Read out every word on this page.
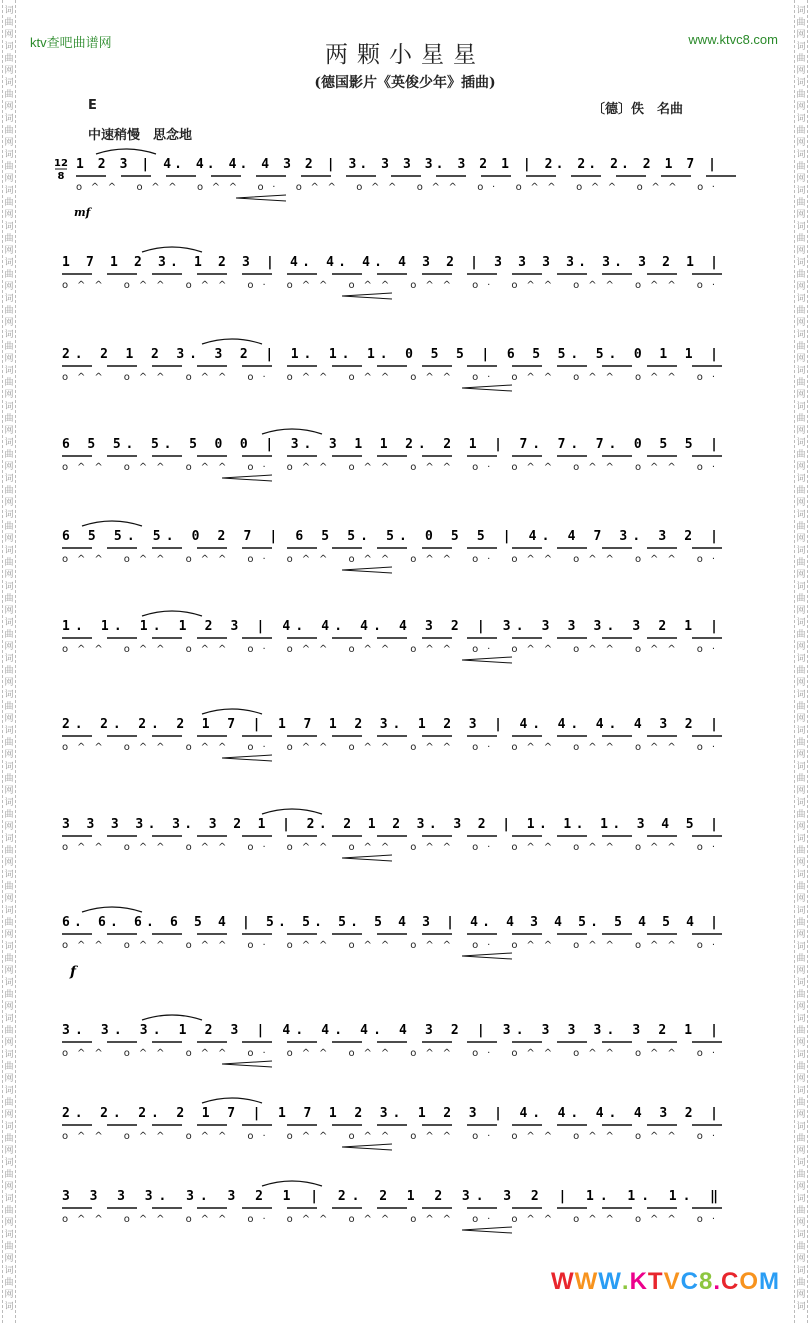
词
曲
网
词
曲
网
词
曲
网
词
曲
网
词
曲
网
词
曲
网
词
曲
网
词
曲
网
词
曲
网
词
曲
网
词
曲
网
词
曲
网
词
曲
网
词
曲
网
词
曲
网
词
曲
网
词
曲
网
词
曲
网
词
曲
网
词
曲
网
词
曲
网
词
曲
网
词
曲
网
词
曲
网
词
曲
网
词
曲
网
词
曲
网
词
曲
网
词
曲
网
词
曲
网
词
曲
网
词
曲
网
词
曲
网
词
曲
网
词
曲
网
词
曲
网
词
词
曲
网
词
曲
网
词
曲
网
词
曲
网
词
曲
网
词
曲
网
词
曲
网
词
曲
网
词
曲
网
词
曲
网
词
曲
网
词
曲
网
词
曲
网
词
曲
网
词
曲
网
词
曲
网
词
曲
网
词
曲
网
词
曲
网
词
曲
网
词
曲
网
词
曲
网
词
曲
网
词
曲
网
词
曲
网
词
曲
网
词
曲
网
词
曲
网
词
曲
网
词
曲
网
词
曲
网
词
曲
网
词
曲
网
词
曲
网
词
曲
网
词
曲
网
词
ktv查吧曲谱网	www.ktvc8.com
两颗小星星
(德国影片《英俊少年》插曲)
E
中速稍慢　思念地
〔德〕佚　名曲
12
8
mf
f
1 2 3 | 4. 4. 4. 4 3 2 | 3. 3 3 3. 3 2 1 | 2. 2. 2. 2 1 7 |
o^^ o^^ o^^ o· o^^ o^^ o^^ o· o^^ o^^ o^^ o·
1 7 1 2 3. 1 2 3 | 4. 4. 4. 4 3 2 | 3 3 3 3. 3. 3 2 1 |
o^^ o^^ o^^ o· o^^ o^^ o^^ o· o^^ o^^ o^^ o·
2. 2 1 2 3. 3 2 | 1. 1. 1. 0 5 5 | 6 5 5. 5. 0 1 1 |
o^^ o^^ o^^ o· o^^ o^^ o^^ o· o^^ o^^ o^^ o·
6 5 5. 5. 5 0 0 | 3. 3 1 1 2. 2 1 | 7. 7. 7. 0 5 5 |
o^^ o^^ o^^ o· o^^ o^^ o^^ o· o^^ o^^ o^^ o·
6 5 5. 5. 0 2 7 | 6 5 5. 5. 0 5 5 | 4. 4 7 3. 3 2 |
o^^ o^^ o^^ o· o^^ o^^ o^^ o· o^^ o^^ o^^ o·
1. 1. 1. 1 2 3 | 4. 4. 4. 4 3 2 | 3. 3 3 3. 3 2 1 |
o^^ o^^ o^^ o· o^^ o^^ o^^ o· o^^ o^^ o^^ o·
2. 2. 2. 2 1 7 | 1 7 1 2 3. 1 2 3 | 4. 4. 4. 4 3 2 |
o^^ o^^ o^^ o· o^^ o^^ o^^ o· o^^ o^^ o^^ o·
3 3 3 3. 3. 3 2 1 | 2. 2 1 2 3. 3 2 | 1. 1. 1. 3 4 5 |
o^^ o^^ o^^ o· o^^ o^^ o^^ o· o^^ o^^ o^^ o·
6. 6. 6. 6 5 4 | 5. 5. 5. 5 4 3 | 4. 4 3 4 5. 5 4 5 4 |
o^^ o^^ o^^ o· o^^ o^^ o^^ o· o^^ o^^ o^^ o·
3. 3. 3. 1 2 3 | 4. 4. 4. 4 3 2 | 3. 3 3 3. 3 2 1 |
o^^ o^^ o^^ o· o^^ o^^ o^^ o· o^^ o^^ o^^ o·
2. 2. 2. 2 1 7 | 1 7 1 2 3. 1 2 3 | 4. 4. 4. 4 3 2 |
o^^ o^^ o^^ o· o^^ o^^ o^^ o· o^^ o^^ o^^ o·
3 3 3 3. 3. 3 2 1 | 2. 2 1 2 3. 3 2 | 1. 1. 1. ‖
o^^ o^^ o^^ o· o^^ o^^ o^^ o· o^^ o^^ o^^ o·
WWW.KTVC8.COM
